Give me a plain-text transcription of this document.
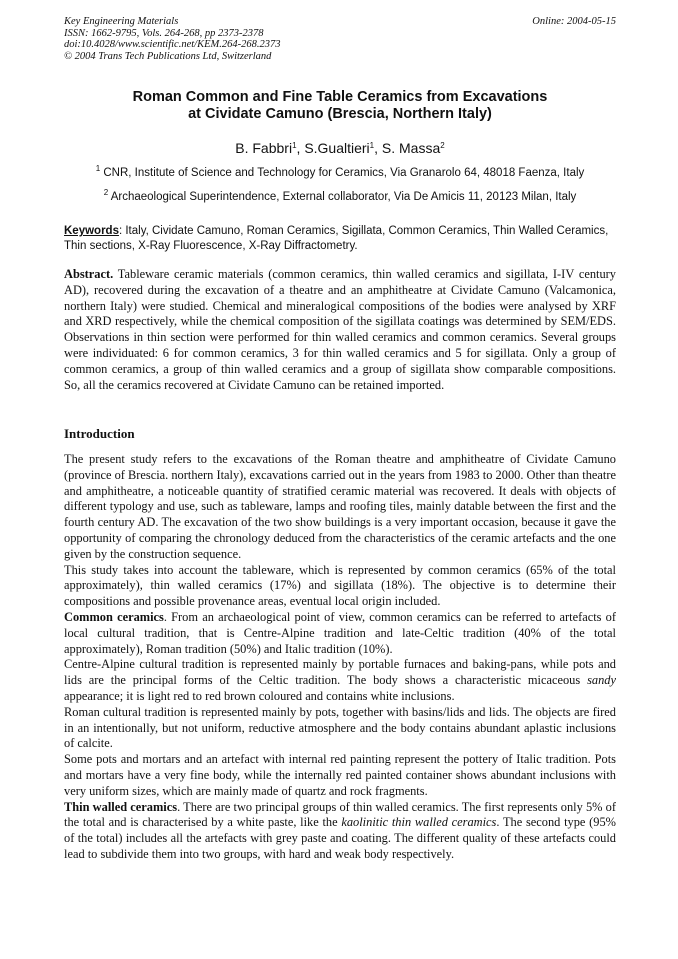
Key Engineering Materials
ISSN: 1662-9795, Vols. 264-268, pp 2373-2378
doi:10.4028/www.scientific.net/KEM.264-268.2373
© 2004 Trans Tech Publications Ltd, Switzerland
Online: 2004-05-15
Roman Common and Fine Table Ceramics from Excavations
at Cividate Camuno (Brescia, Northern Italy)
B. Fabbri$^1$, S.Gualtieri$^1$, S. Massa$^2$
$^1$ CNR, Institute of Science and Technology for Ceramics, Via Granarolo 64, 48018 Faenza, Italy
$^2$ Archaeological Superintendence, External collaborator, Via De Amicis 11, 20123 Milan, Italy
Keywords: Italy, Cividate Camuno, Roman Ceramics, Sigillata, Common Ceramics, Thin Walled Ceramics, Thin sections, X-Ray Fluorescence, X-Ray Diffractometry.

Abstract. Tableware ceramic materials (common ceramics, thin walled ceramics and sigillata, I-IV century AD), recovered during the excavation of a theatre and an amphitheatre at Cividate Camuno (Valcamonica, northern Italy) were studied. Chemical and mineralogical compositions of the bodies were analysed by XRF and XRD respectively, while the chemical composition of the sigillata coatings was determined by SEM/EDS. Observations in thin section were performed for thin walled ceramics and common ceramics. Several groups were individuated: 6 for common ceramics, 3 for thin walled ceramics and 5 for sigillata. Only a group of common ceramics, a group of thin walled ceramics and a group of sigillata show comparable compositions. So, all the ceramics recovered at Cividate Camuno can be retained imported.

Introduction

The present study refers to the excavations of the Roman theatre and amphitheatre of Cividate Camuno (province of Brescia. northern Italy), excavations carried out in the years from 1983 to 2000. Other than theatre and amphitheatre, a noticeable quantity of stratified ceramic material was recovered. It deals with objects of different typology and use, such as tableware, lamps and roofing tiles, mainly datable between the first and the fourth century AD. The excavation of the two show buildings is a very important occasion, because it gave the opportunity of comparing the chronology deduced from the characteristics of the ceramic artefacts and the one given by the construction sequence.

This study takes into account the tableware, which is represented by common ceramics (65% of the total approximately), thin walled ceramics (17%) and sigillata (18%). The objective is to determine their compositions and possible provenance areas, eventual local origin included.

Common ceramics. From an archaeological point of view, common ceramics can be referred to artefacts of local cultural tradition, that is Centre-Alpine tradition and late-Celtic tradition (40% of the total approximately), Roman tradition (50%) and Italic tradition (10%).

Centre-Alpine cultural tradition is represented mainly by portable furnaces and baking-pans, while pots and lids are the principal forms of the Celtic tradition. The body shows a characteristic micaceous sandy appearance; it is light red to red brown coloured and contains white inclusions.

Roman cultural tradition is represented mainly by pots, together with basins/lids and lids. The objects are fired in an intentionally, but not uniform, reductive atmosphere and the body contains abundant aplastic inclusions of calcite.

Some pots and mortars and an artefact with internal red painting represent the pottery of Italic tradition. Pots and mortars have a very fine body, while the internally red painted container shows abundant inclusions with very uniform sizes, which are mainly made of quartz and rock fragments.

Thin walled ceramics. There are two principal groups of thin walled ceramics. The first represents only 5% of the total and is characterised by a white paste, like the kaolinitic thin walled ceramics. The second type (95% of the total) includes all the artefacts with grey paste and coating. The different quality of these artefacts could lead to subdivide them into two groups, with hard and weak body respectively.
